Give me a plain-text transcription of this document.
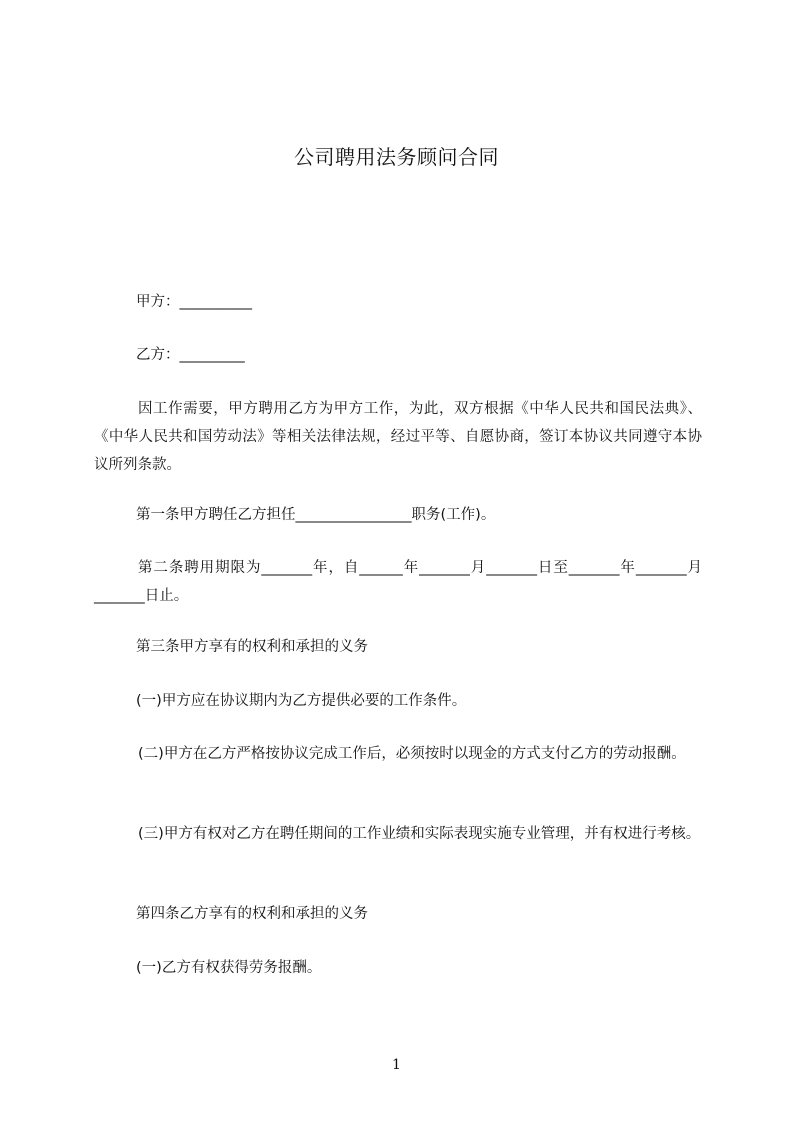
公司聘用法务顾问合同

甲方：__________

乙方：_________

因工作需要，甲方聘用乙方为甲方工作，为此，双方根据《中华人民共和国民法典》、《中华人民共和国劳动法》等相关法律法规，经过平等、自愿协商，签订本协议共同遵守本协议所列条款。

第一条甲方聘任乙方担任________________职务(工作)。

第二条聘用期限为_______年，自______年_______月_______日至_______年_______月_______日止。

第三条甲方享有的权利和承担的义务

(一)甲方应在协议期内为乙方提供必要的工作条件。

(二)甲方在乙方严格按协议完成工作后，必须按时以现金的方式支付乙方的劳动报酬。

(三)甲方有权对乙方在聘任期间的工作业绩和实际表现实施专业管理，并有权进行考核。

第四条乙方享有的权利和承担的义务

(一)乙方有权获得劳务报酬。

1
